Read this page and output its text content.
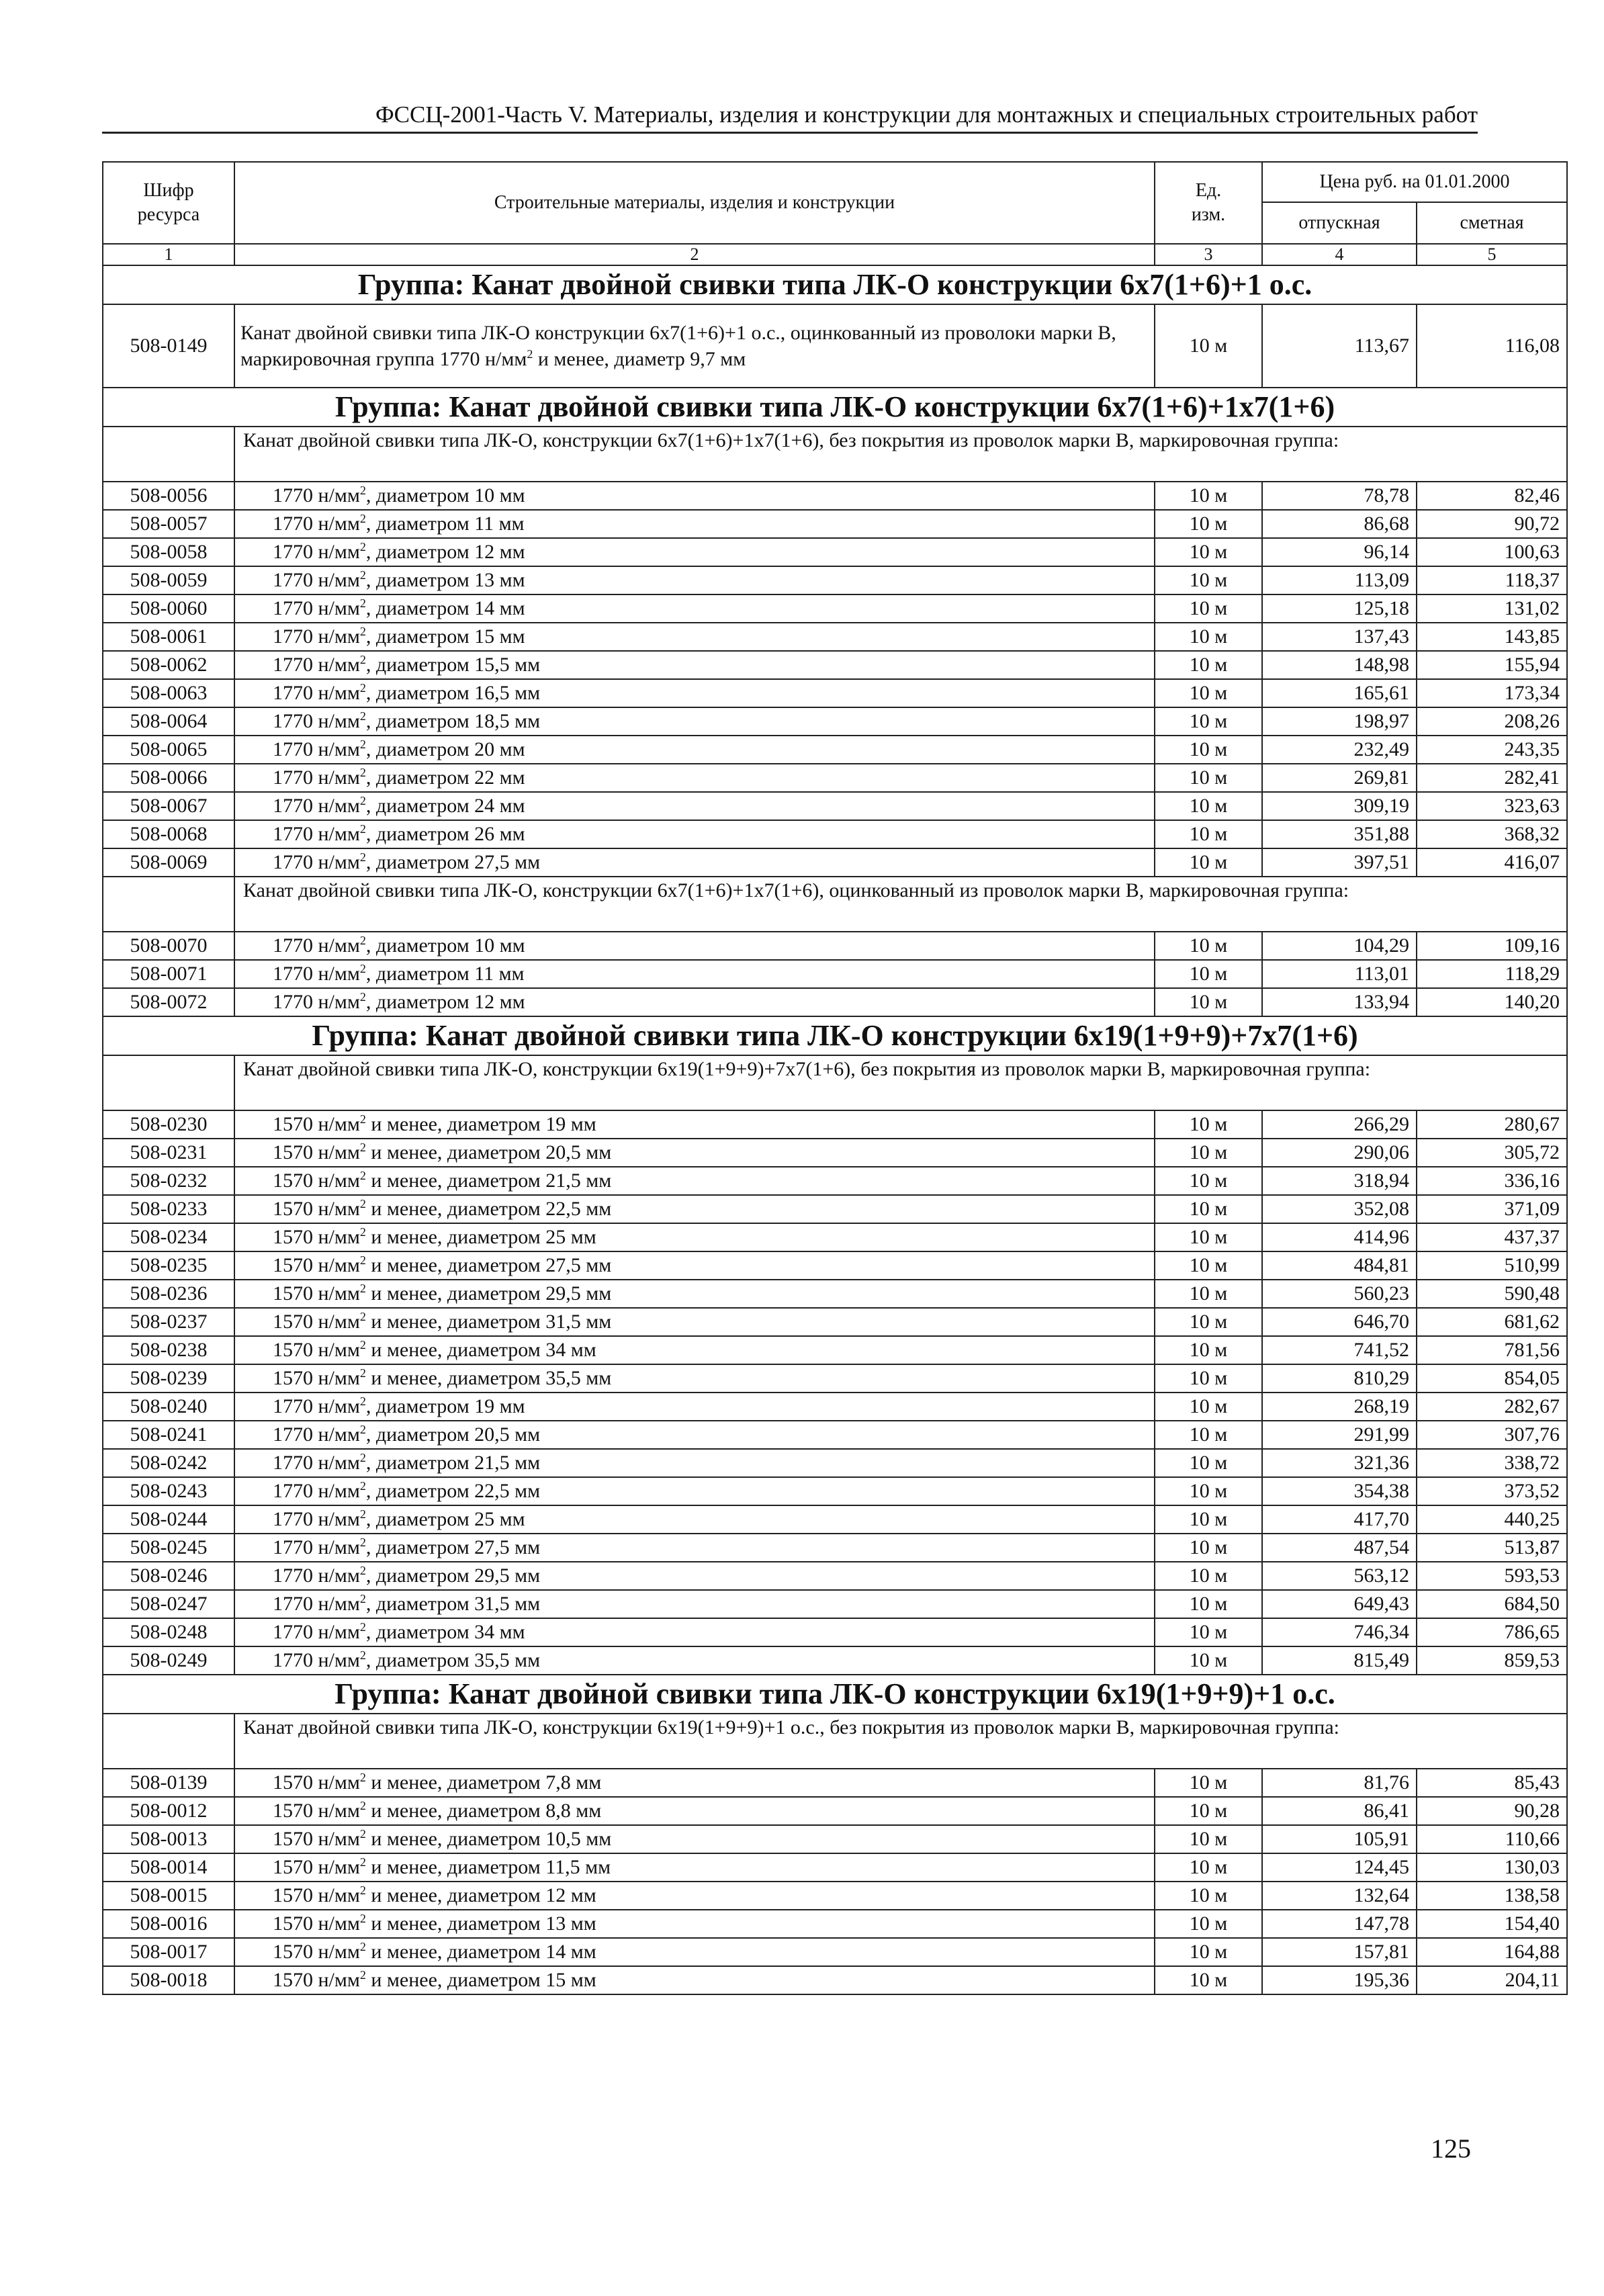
ФССЦ-2001-Часть V. Материалы, изделия и конструкции для монтажных и специальных строительных работ
Шифр
ресурса	Строительные материалы, изделия и конструкции	Ед.
изм.	Цена руб. на 01.01.2000	
			отпускная	сметная
1	2	3	4	5
Группа: Канат двойной свивки типа ЛК-О конструкции 6х7(1+6)+1 о.с.				
508-0149	Канат двойной свивки типа ЛК-О конструкции 6х7(1+6)+1 о.с., оцинкованный из проволоки марки В, маркировочная группа 1770 $н/мм^2$ и менее, диаметр 9,7 мм	10 м	113,67	116,08
Группа: Канат двойной свивки типа ЛК-О конструкции 6х7(1+6)+1х7(1+6)				
	Канат двойной свивки типа ЛК-О, конструкции 6х7(1+6)+1х7(1+6), без покрытия из проволок марки В, маркировочная группа:			
508-0056	1770 $н/мм^2$, диаметром 10 мм	10 м	78,78	82,46
508-0057	1770 $н/мм^2$, диаметром 11 мм	10 м	86,68	90,72
508-0058	1770 $н/мм^2$, диаметром 12 мм	10 м	96,14	100,63
508-0059	1770 $н/мм^2$, диаметром 13 мм	10 м	113,09	118,37
508-0060	1770 $н/мм^2$, диаметром 14 мм	10 м	125,18	131,02
508-0061	1770 $н/мм^2$, диаметром 15 мм	10 м	137,43	143,85
508-0062	1770 $н/мм^2$, диаметром 15,5 мм	10 м	148,98	155,94
508-0063	1770 $н/мм^2$, диаметром 16,5 мм	10 м	165,61	173,34
508-0064	1770 $н/мм^2$, диаметром 18,5 мм	10 м	198,97	208,26
508-0065	1770 $н/мм^2$, диаметром 20 мм	10 м	232,49	243,35
508-0066	1770 $н/мм^2$, диаметром 22 мм	10 м	269,81	282,41
508-0067	1770 $н/мм^2$, диаметром 24 мм	10 м	309,19	323,63
508-0068	1770 $н/мм^2$, диаметром 26 мм	10 м	351,88	368,32
508-0069	1770 $н/мм^2$, диаметром 27,5 мм	10 м	397,51	416,07
	Канат двойной свивки типа ЛК-О, конструкции 6х7(1+6)+1х7(1+6), оцинкованный из проволок марки В, маркировочная группа:			
508-0070	1770 $н/мм^2$, диаметром 10 мм	10 м	104,29	109,16
508-0071	1770 $н/мм^2$, диаметром 11 мм	10 м	113,01	118,29
508-0072	1770 $н/мм^2$, диаметром 12 мм	10 м	133,94	140,20
Группа: Канат двойной свивки типа ЛК-О конструкции 6х19(1+9+9)+7х7(1+6)				
	Канат двойной свивки типа ЛК-О, конструкции 6х19(1+9+9)+7х7(1+6), без покрытия из проволок марки В, маркировочная группа:			
508-0230	1570 $н/мм^2$ и менее, диаметром 19 мм	10 м	266,29	280,67
508-0231	1570 $н/мм^2$ и менее, диаметром 20,5 мм	10 м	290,06	305,72
508-0232	1570 $н/мм^2$ и менее, диаметром 21,5 мм	10 м	318,94	336,16
508-0233	1570 $н/мм^2$ и менее, диаметром 22,5 мм	10 м	352,08	371,09
508-0234	1570 $н/мм^2$ и менее, диаметром 25 мм	10 м	414,96	437,37
508-0235	1570 $н/мм^2$ и менее, диаметром 27,5 мм	10 м	484,81	510,99
508-0236	1570 $н/мм^2$ и менее, диаметром 29,5 мм	10 м	560,23	590,48
508-0237	1570 $н/мм^2$ и менее, диаметром 31,5 мм	10 м	646,70	681,62
508-0238	1570 $н/мм^2$ и менее, диаметром 34 мм	10 м	741,52	781,56
508-0239	1570 $н/мм^2$ и менее, диаметром 35,5 мм	10 м	810,29	854,05
508-0240	1770 $н/мм^2$, диаметром 19 мм	10 м	268,19	282,67
508-0241	1770 $н/мм^2$, диаметром 20,5 мм	10 м	291,99	307,76
508-0242	1770 $н/мм^2$, диаметром 21,5 мм	10 м	321,36	338,72
508-0243	1770 $н/мм^2$, диаметром 22,5 мм	10 м	354,38	373,52
508-0244	1770 $н/мм^2$, диаметром 25 мм	10 м	417,70	440,25
508-0245	1770 $н/мм^2$, диаметром 27,5 мм	10 м	487,54	513,87
508-0246	1770 $н/мм^2$, диаметром 29,5 мм	10 м	563,12	593,53
508-0247	1770 $н/мм^2$, диаметром 31,5 мм	10 м	649,43	684,50
508-0248	1770 $н/мм^2$, диаметром 34 мм	10 м	746,34	786,65
508-0249	1770 $н/мм^2$, диаметром 35,5 мм	10 м	815,49	859,53
Группа: Канат двойной свивки типа ЛК-О конструкции 6х19(1+9+9)+1 о.с.				
	Канат двойной свивки типа ЛК-О, конструкции 6х19(1+9+9)+1 о.с., без покрытия из проволок марки В, маркировочная группа:			
508-0139	1570 $н/мм^2$ и менее, диаметром 7,8 мм	10 м	81,76	85,43
508-0012	1570 $н/мм^2$ и менее, диаметром 8,8 мм	10 м	86,41	90,28
508-0013	1570 $н/мм^2$ и менее, диаметром 10,5 мм	10 м	105,91	110,66
508-0014	1570 $н/мм^2$ и менее, диаметром 11,5 мм	10 м	124,45	130,03
508-0015	1570 $н/мм^2$ и менее, диаметром 12 мм	10 м	132,64	138,58
508-0016	1570 $н/мм^2$ и менее, диаметром 13 мм	10 м	147,78	154,40
508-0017	1570 $н/мм^2$ и менее, диаметром 14 мм	10 м	157,81	164,88
508-0018	1570 $н/мм^2$ и менее, диаметром 15 мм	10 м	195,36	204,11
125
